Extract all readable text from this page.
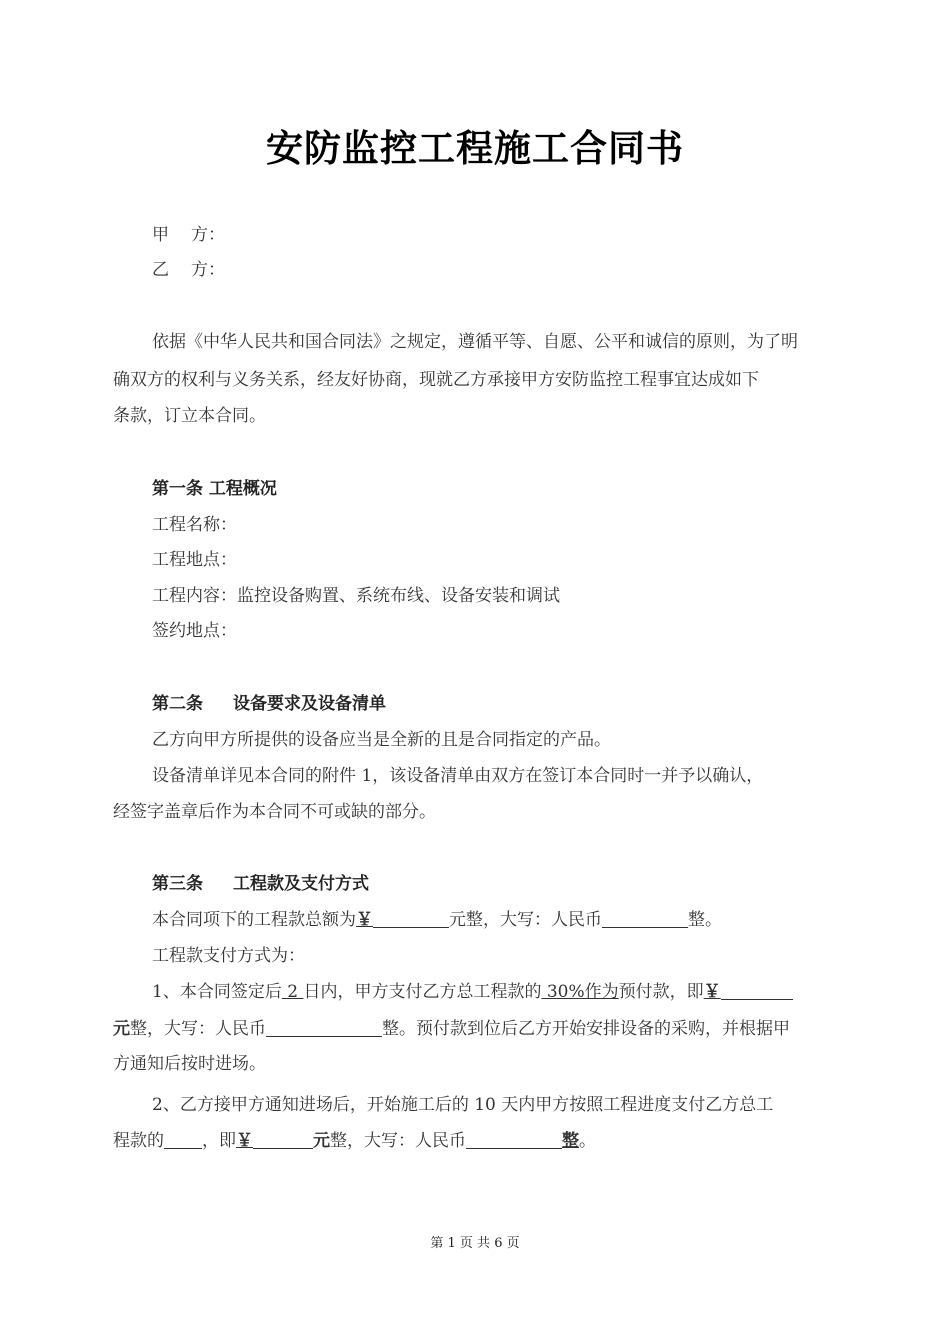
安防监控工程施工合同书
甲 方：
乙 方：
依据《中华人民共和国合同法》之规定，遵循平等、自愿、公平和诚信的原则，为了明
确双方的权利与义务关系，经友好协商，现就乙方承接甲方安防监控工程事宜达成如下
条款，订立本合同。
第一条 工程概况
工程名称：
工程地点：
工程内容：监控设备购置、系统布线、设备安装和调试
签约地点：
第二条 设备要求及设备清单
乙方向甲方所提供的设备应当是全新的且是合同指定的产品。
设备清单详见本合同的附件 1，该设备清单由双方在签订本合同时一并予以确认，
经签字盖章后作为本合同不可或缺的部分。
第三条 工程款及支付方式
本合同项下的工程款总额为￥	元整，大写：人民币	整。
工程款支付方式为：
1、本合同签定后 2 日内，甲方支付乙方总工程款的 30%作为预付款，即￥
元整，大写：人民币	整。预付款到位后乙方开始安排设备的采购，并根据甲
方通知后按时进场。
2、乙方接甲方通知进场后，开始施工后的 10 天内甲方按照工程进度支付乙方总工
程款的 ，即￥	元整，大写：人民币	整。
第 1 页 共 6 页
